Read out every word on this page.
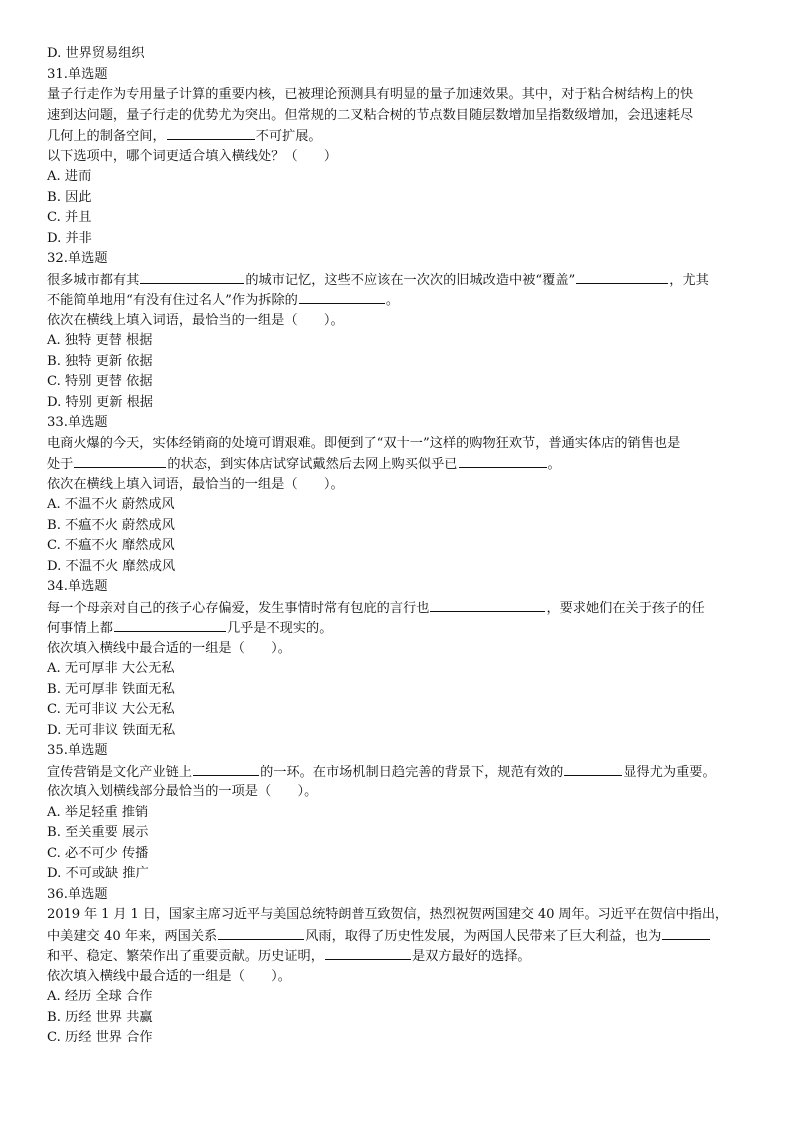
D. 世界贸易组织
31.单选题
量子行走作为专用量子计算的重要内核，已被理论预测具有明显的量子加速效果。其中，对于粘合树结构上的快
速到达问题，量子行走的优势尤为突出。但常规的二叉粘合树的节点数目随层数增加呈指数级增加，会迅速耗尽
几何上的制备空间，	不可扩展。
以下选项中，哪个词更适合填入横线处？（　　）
A. 进而
B. 因此
C. 并且
D. 并非
32.单选题
很多城市都有其	的城市记忆，这些不应该在一次次的旧城改造中被“覆盖”	，尤其
不能简单地用“有没有住过名人”作为拆除的	。
依次在横线上填入词语，最恰当的一组是（　　）。
A. 独特 更替 根据
B. 独特 更新 依据
C. 特别 更替 依据
D. 特别 更新 根据
33.单选题
电商火爆的今天，实体经销商的处境可谓艰难。即便到了“双十一”这样的购物狂欢节，普通实体店的销售也是
处于	的状态，到实体店试穿试戴然后去网上购买似乎已	。
依次在横线上填入词语，最恰当的一组是（　　）。
A. 不温不火 蔚然成风
B. 不瘟不火 蔚然成风
C. 不瘟不火 靡然成风
D. 不温不火 靡然成风
34.单选题
每一个母亲对自己的孩子心存偏爱，发生事情时常有包庇的言行也	，要求她们在关于孩子的任
何事情上都	几乎是不现实的。
依次填入横线中最合适的一组是（　　）。
A. 无可厚非 大公无私
B. 无可厚非 铁面无私
C. 无可非议 大公无私
D. 无可非议 铁面无私
35.单选题
宣传营销是文化产业链上	的一环。在市场机制日趋完善的背景下，规范有效的	显得尤为重要。
依次填入划横线部分最恰当的一项是（　　）。
A. 举足轻重 推销
B. 至关重要 展示
C. 必不可少 传播
D. 不可或缺 推广
36.单选题
2019 年 1 月 1 日，国家主席习近平与美国总统特朗普互致贺信，热烈祝贺两国建交 40 周年。习近平在贺信中指出，
中美建交 40 年来，两国关系	风雨，取得了历史性发展，为两国人民带来了巨大利益，也为
和平、稳定、繁荣作出了重要贡献。历史证明，	是双方最好的选择。
依次填入横线中最合适的一组是（　　）。
A. 经历 全球 合作
B. 历经 世界 共赢
C. 历经 世界 合作
